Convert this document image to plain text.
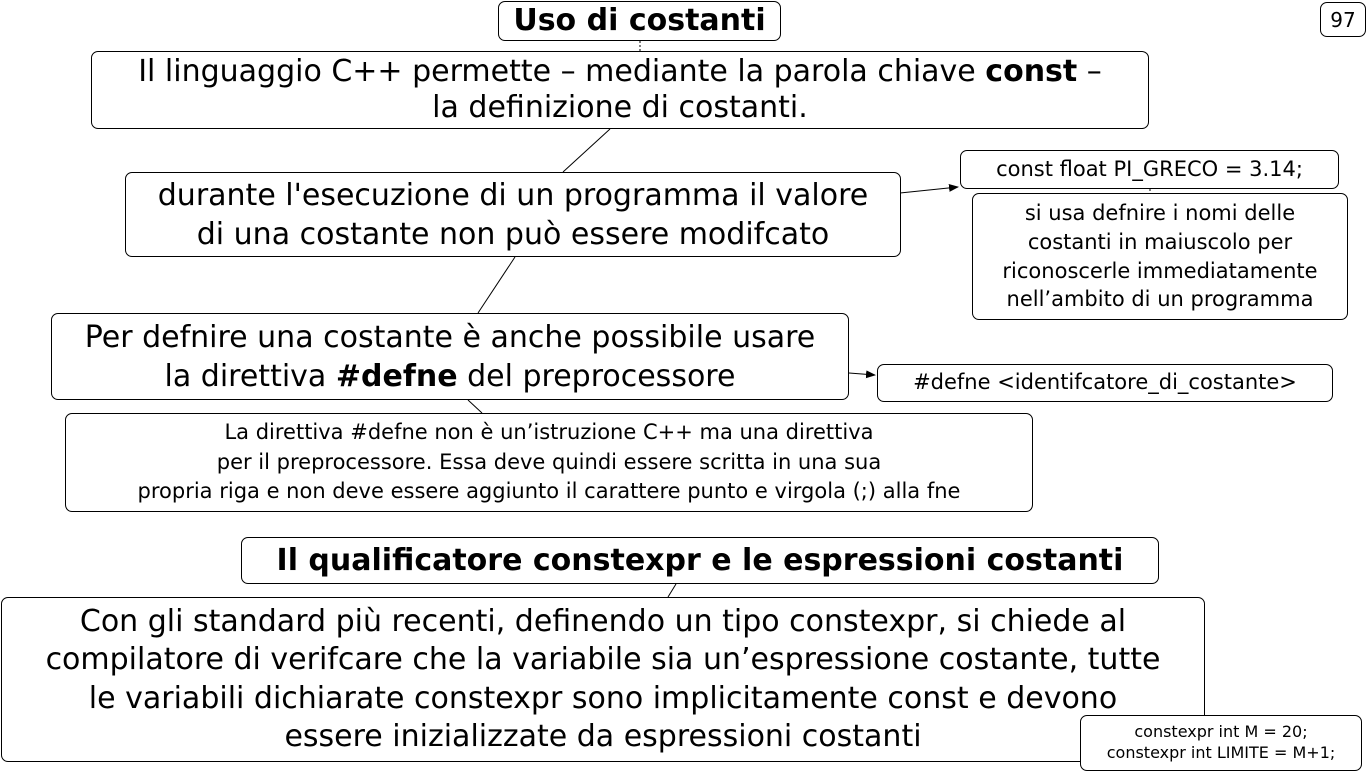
97
Uso di costanti
Il linguaggio C++ permette – mediante la parola chiave const –
la definizione di costanti.
durante l'esecuzione di un programma il valore
di una costante non può essere modifcato
const float PI_GRECO = 3.14;
si usa defnire i nomi delle
costanti in maiuscolo per
riconoscerle immediatamente
nell’ambito di un programma
Per defnire una costante è anche possibile usare
la direttiva #defne del preprocessore	#defne <identifcatore_di_costante>
La direttiva #defne non è un’istruzione C++ ma una direttiva
per il preprocessore. Essa deve quindi essere scritta in una sua
propria riga e non deve essere aggiunto il carattere punto e virgola (;) alla fne
Il qualificatore constexpr e le espressioni costanti
Con gli standard più recenti, definendo un tipo constexpr, si chiede al
compilatore di verifcare che la variabile sia un’espressione costante, tutte
le variabili dichiarate constexpr sono implicitamente const e devono
essere inizializzate da espressioni costanti	constexpr int M = 20;
constexpr int LIMITE = M+1;
